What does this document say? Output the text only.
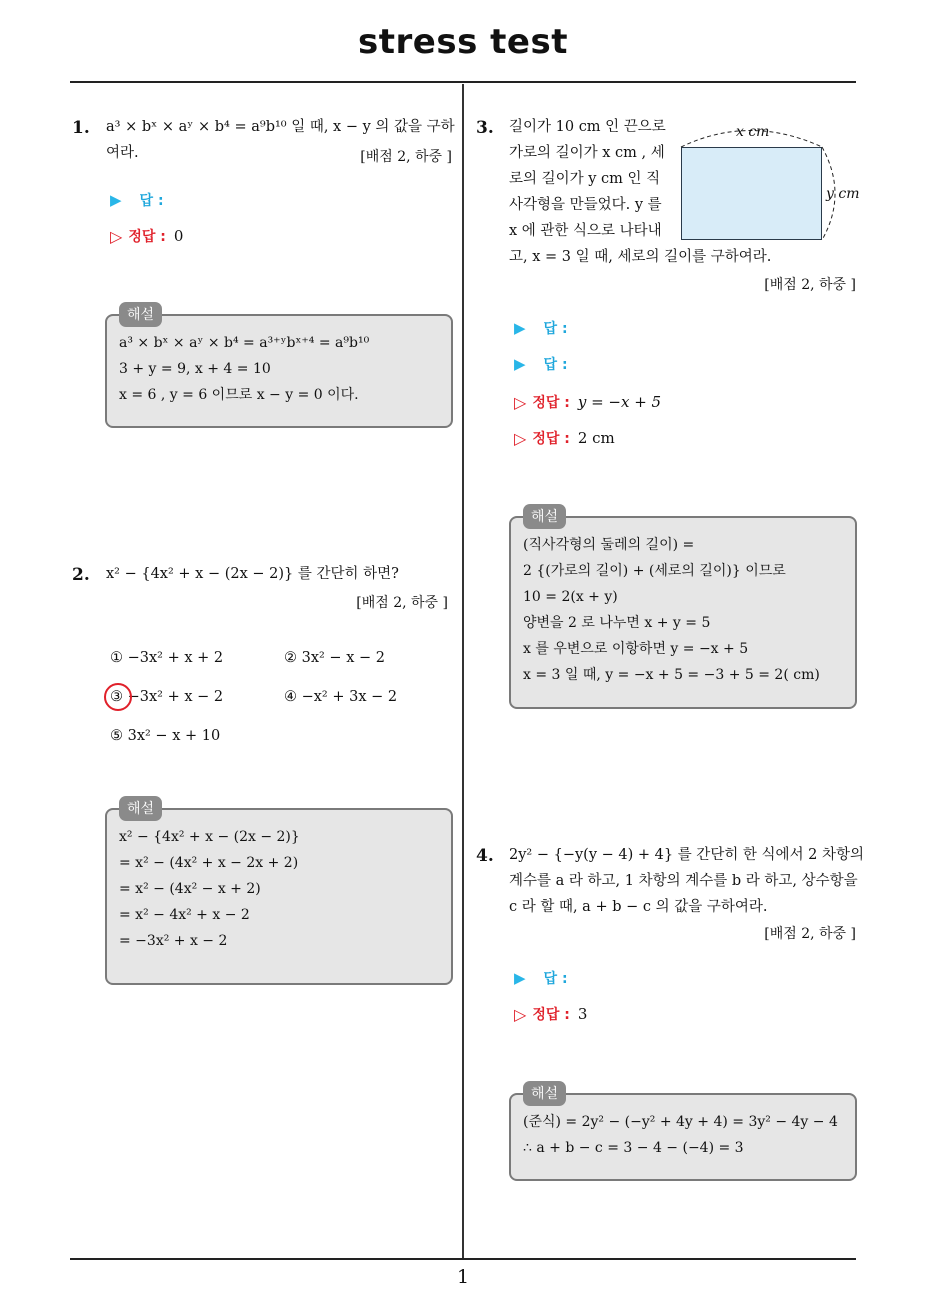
stress test
1. a³ × bˣ × aʸ × b⁴ = a⁹b¹⁰ 일 때, x − y 의 값을 구하
여라.	[배점 2, 하중 ]
▶ 답 :
▷ 정답 : 0
a³ × bˣ × aʸ × b⁴ = a³⁺ʸbˣ⁺⁴ = a⁹b¹⁰
3 + y = 9, x + 4 = 10
x = 6 , y = 6 이므로 x − y = 0 이다.
해설
2. x² − {4x² + x − (2x − 2)} 를 간단히 하면?
[배점 2, 하중 ]
① −3x² + x + 2	② 3x² − x − 2
③ −3x² + x − 2	④ −x² + 3x − 2
⑤ 3x² − x + 10
x² − {4x² + x − (2x − 2)}
= x² − (4x² + x − 2x + 2)
= x² − (4x² − x + 2)
= x² − 4x² + x − 2
= −3x² + x − 2
해설
3. 길이가 10 cm 인 끈으로
가로의 길이가 x cm , 세
로의 길이가 y cm 인 직
사각형을 만들었다. y 를
x 에 관한 식으로 나타내
고, x = 3 일 때, 세로의 길이를 구하여라.
[배점 2, 하중 ]
x cm
y cm
▶ 답 :
▶ 답 :
▷ 정답 : y = −x + 5
▷ 정답 : 2 cm
(직사각형의 둘레의 길이) =
2 {(가로의 길이) + (세로의 길이)} 이므로
10 = 2(x + y)
양변을 2 로 나누면 x + y = 5
x 를 우변으로 이항하면 y = −x + 5
x = 3 일 때, y = −x + 5 = −3 + 5 = 2( cm)
해설
4. 2y² − {−y(y − 4) + 4} 를 간단히 한 식에서 2 차항의
계수를 a 라 하고, 1 차항의 계수를 b 라 하고, 상수항을
c 라 할 때, a + b − c 의 값을 구하여라.
[배점 2, 하중 ]
▶ 답 :
▷ 정답 : 3
(준식) = 2y² − (−y² + 4y + 4) = 3y² − 4y − 4
∴ a + b − c = 3 − 4 − (−4) = 3
해설
1
